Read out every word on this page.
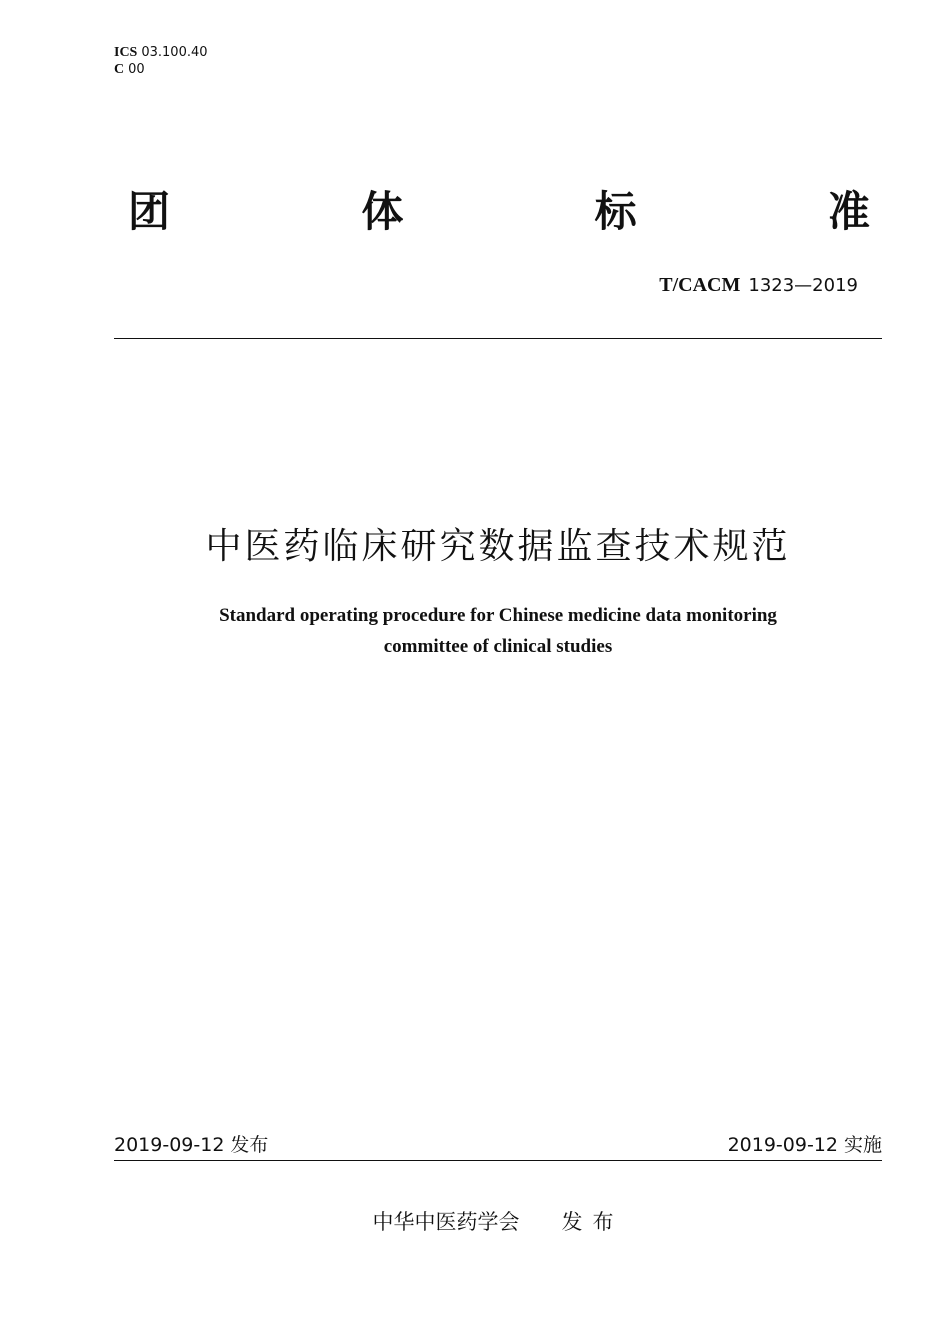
ICS 03.100.40
C 00
团	体	标	准
T/CACM 1323—2019
中医药临床研究数据监查技术规范
Standard operating procedure for Chinese medicine data monitoring
committee of clinical studies
2019-09-12 发布	2019-09-12 实施
中华中医药学会 发布
